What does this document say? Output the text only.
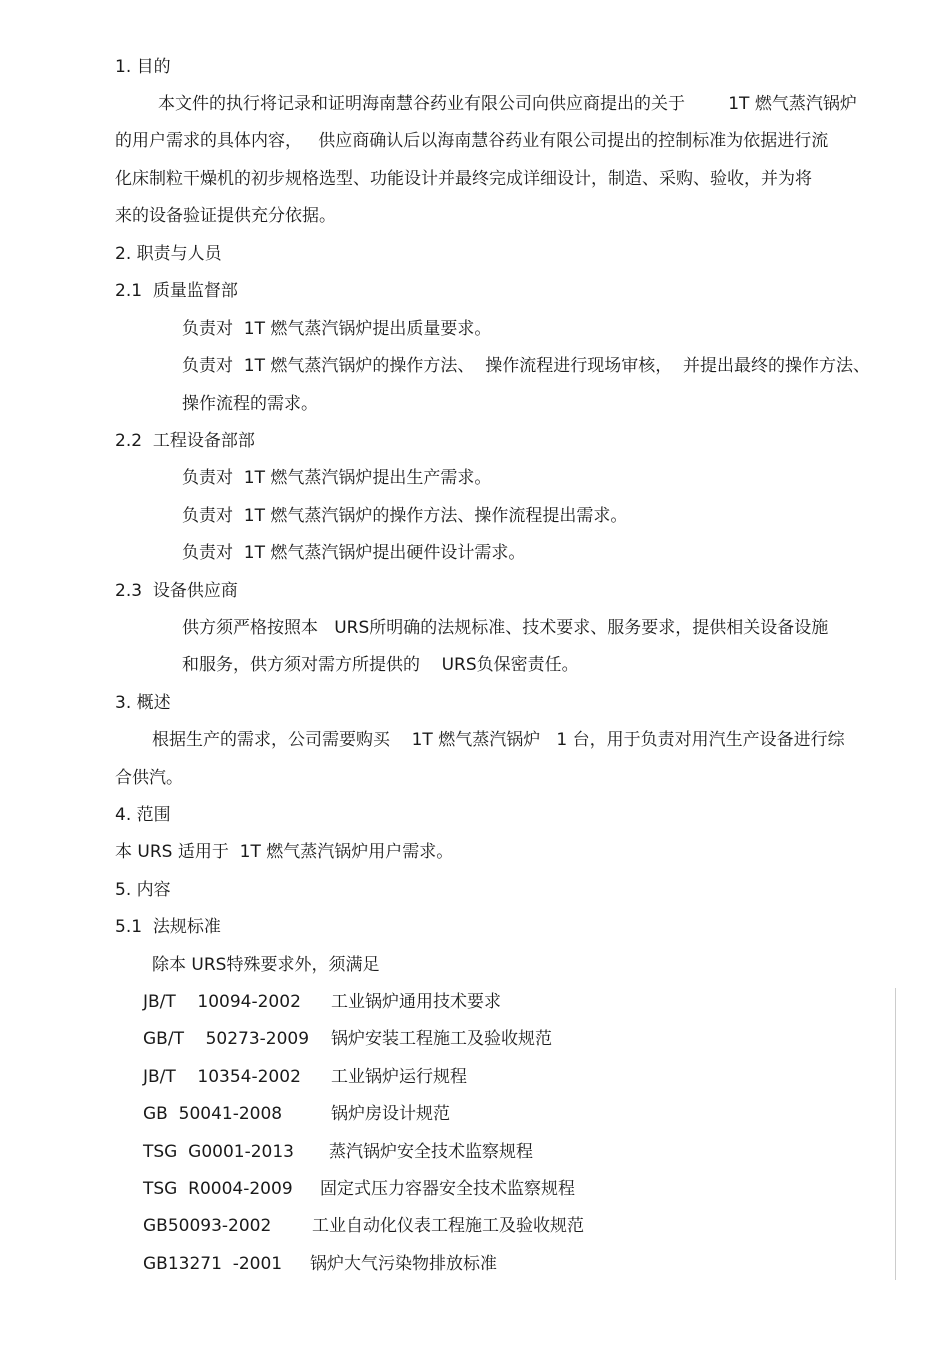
1. 目的
本文件的执行将记录和证明海南慧谷药业有限公司向供应商提出的关于        1T 燃气蒸汽锅炉
的用户需求的具体内容，   供应商确认后以海南慧谷药业有限公司提出的控制标准为依据进行流
化床制粒干燥机的初步规格选型、功能设计并最终完成详细设计，制造、采购、验收，并为将
来的设备验证提供充分依据。
2. 职责与人员
2.1  质量监督部
负责对  1T 燃气蒸汽锅炉提出质量要求。
负责对  1T 燃气蒸汽锅炉的操作方法、  操作流程进行现场审核，  并提出最终的操作方法、
操作流程的需求。
2.2  工程设备部部
负责对  1T 燃气蒸汽锅炉提出生产需求。
负责对  1T 燃气蒸汽锅炉的操作方法、操作流程提出需求。
负责对  1T 燃气蒸汽锅炉提出硬件设计需求。
2.3  设备供应商
供方须严格按照本   URS所明确的法规标准、技术要求、服务要求，提供相关设备设施
和服务，供方须对需方所提供的    URS负保密责任。
3. 概述
根据生产的需求，公司需要购买    1T 燃气蒸汽锅炉   1 台，用于负责对用汽生产设备进行综
合供汽。
4. 范围
本 URS 适用于  1T 燃气蒸汽锅炉用户需求。
5. 内容
5.1  法规标准
除本 URS特殊要求外，须满足
JB/T    10094-2002 工业锅炉通用技术要求
GB/T    50273-2009 锅炉安装工程施工及验收规范
JB/T    10354-2002 工业锅炉运行规程
GB  50041-2008	锅炉房设计规范
TSG  G0001-2013 蒸汽锅炉安全技术监察规程
TSG  R0004-2009 固定式压力容器安全技术监察规程
GB50093-2002 工业自动化仪表工程施工及验收规范
GB13271  -2001 锅炉大气污染物排放标准
